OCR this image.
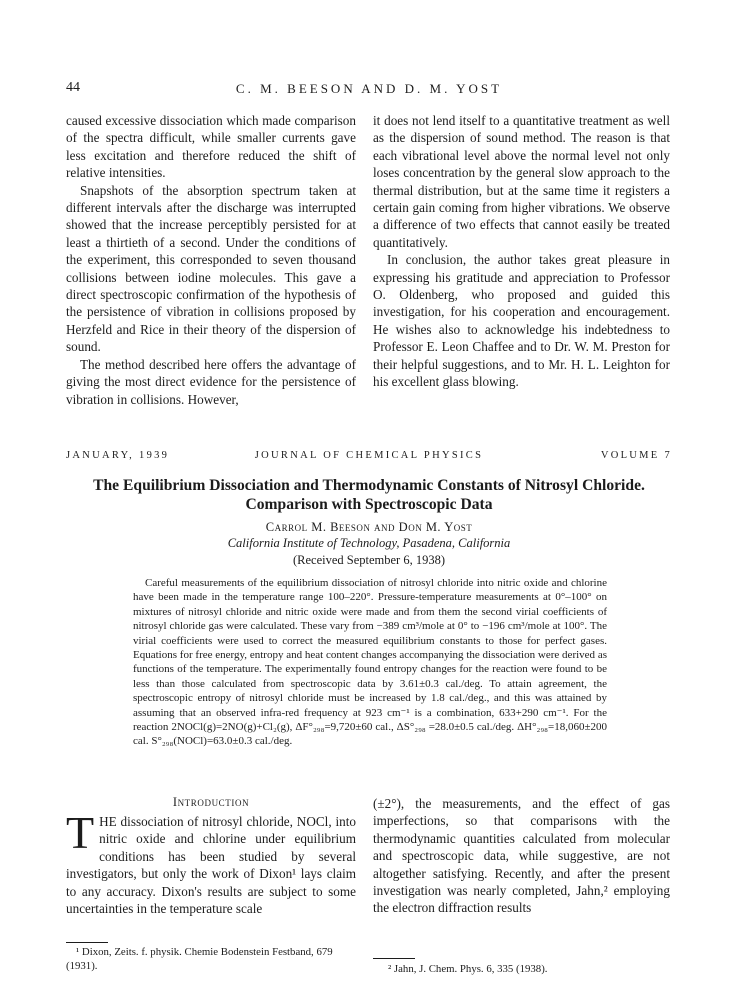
44	C. M. BEESON AND D. M. YOST

caused excessive dissociation which made comparison of the spectra difficult, while smaller currents gave less excitation and therefore reduced the shift of relative intensities.

Snapshots of the absorption spectrum taken at different intervals after the discharge was interrupted showed that the increase perceptibly persisted for at least a thirtieth of a second. Under the conditions of the experiment, this corresponded to seven thousand collisions between iodine molecules. This gave a direct spectroscopic confirmation of the hypothesis of the persistence of vibration in collisions proposed by Herzfeld and Rice in their theory of the dispersion of sound.

The method described here offers the advantage of giving the most direct evidence for the persistence of vibration in collisions. However,

it does not lend itself to a quantitative treatment as well as the dispersion of sound method. The reason is that each vibrational level above the normal level not only loses concentration by the general slow approach to the thermal distribution, but at the same time it registers a certain gain coming from higher vibrations. We observe a difference of two effects that cannot easily be treated quantitatively.

In conclusion, the author takes great pleasure in expressing his gratitude and appreciation to Professor O. Oldenberg, who proposed and guided this investigation, for his cooperation and encouragement. He wishes also to acknowledge his indebtedness to Professor E. Leon Chaffee and to Dr. W. M. Preston for their helpful suggestions, and to Mr. H. L. Leighton for his excellent glass blowing.

JANUARY, 1939	JOURNAL OF CHEMICAL PHYSICS	VOLUME 7
The Equilibrium Dissociation and Thermodynamic Constants of Nitrosyl Chloride.
Comparison with Spectroscopic Data
Carrol M. Beeson and Don M. Yost
California Institute of Technology, Pasadena, California
(Received September 6, 1938)

Careful measurements of the equilibrium dissociation of nitrosyl chloride into nitric oxide and chlorine have been made in the temperature range 100–220°. Pressure-temperature measurements at 0°–100° on mixtures of nitrosyl chloride and nitric oxide were made and from them the second virial coefficients of nitrosyl chloride gas were calculated. These vary from −389 cm³/mole at 0° to −196 cm³/mole at 100°. The virial coefficients were used to correct the measured equilibrium constants to those for perfect gases. Equations for free energy, entropy and heat content changes accompanying the dissociation were derived as functions of the temperature. The experimentally found entropy changes for the reaction were found to be less than those calculated from spectroscopic data by 3.61±0.3 cal./deg. To attain agreement, the spectroscopic entropy of nitrosyl chloride must be increased by 1.8 cal./deg., and this was attained by assuming that an observed infra-red frequency at 923 cm⁻¹ is a combination, 633+290 cm⁻¹. For the reaction 2NOCl(g)=2NO(g)+Cl₂(g), ΔF°₂₉₈=9,720±60 cal., ΔS°₂₉₈ =28.0±0.5 cal./deg. ΔH°₂₉₈=18,060±200 cal. S°₂₉₈(NOCl)=63.0±0.3 cal./deg.

Introduction

THE dissociation of nitrosyl chloride, NOCl, into nitric oxide and chlorine under equilibrium conditions has been studied by several investigators, but only the work of Dixon¹ lays claim to any accuracy. Dixon's results are subject to some uncertainties in the temperature scale

(±2°), the measurements, and the effect of gas imperfections, so that comparisons with the thermodynamic quantities calculated from molecular and spectroscopic data, while suggestive, are not altogether satisfying. Recently, and after the present investigation was nearly completed, Jahn,² employing the electron diffraction results

¹ Dixon, Zeits. f. physik. Chemie Bodenstein Festband, 679 (1931).	² Jahn, J. Chem. Phys. 6, 335 (1938).
